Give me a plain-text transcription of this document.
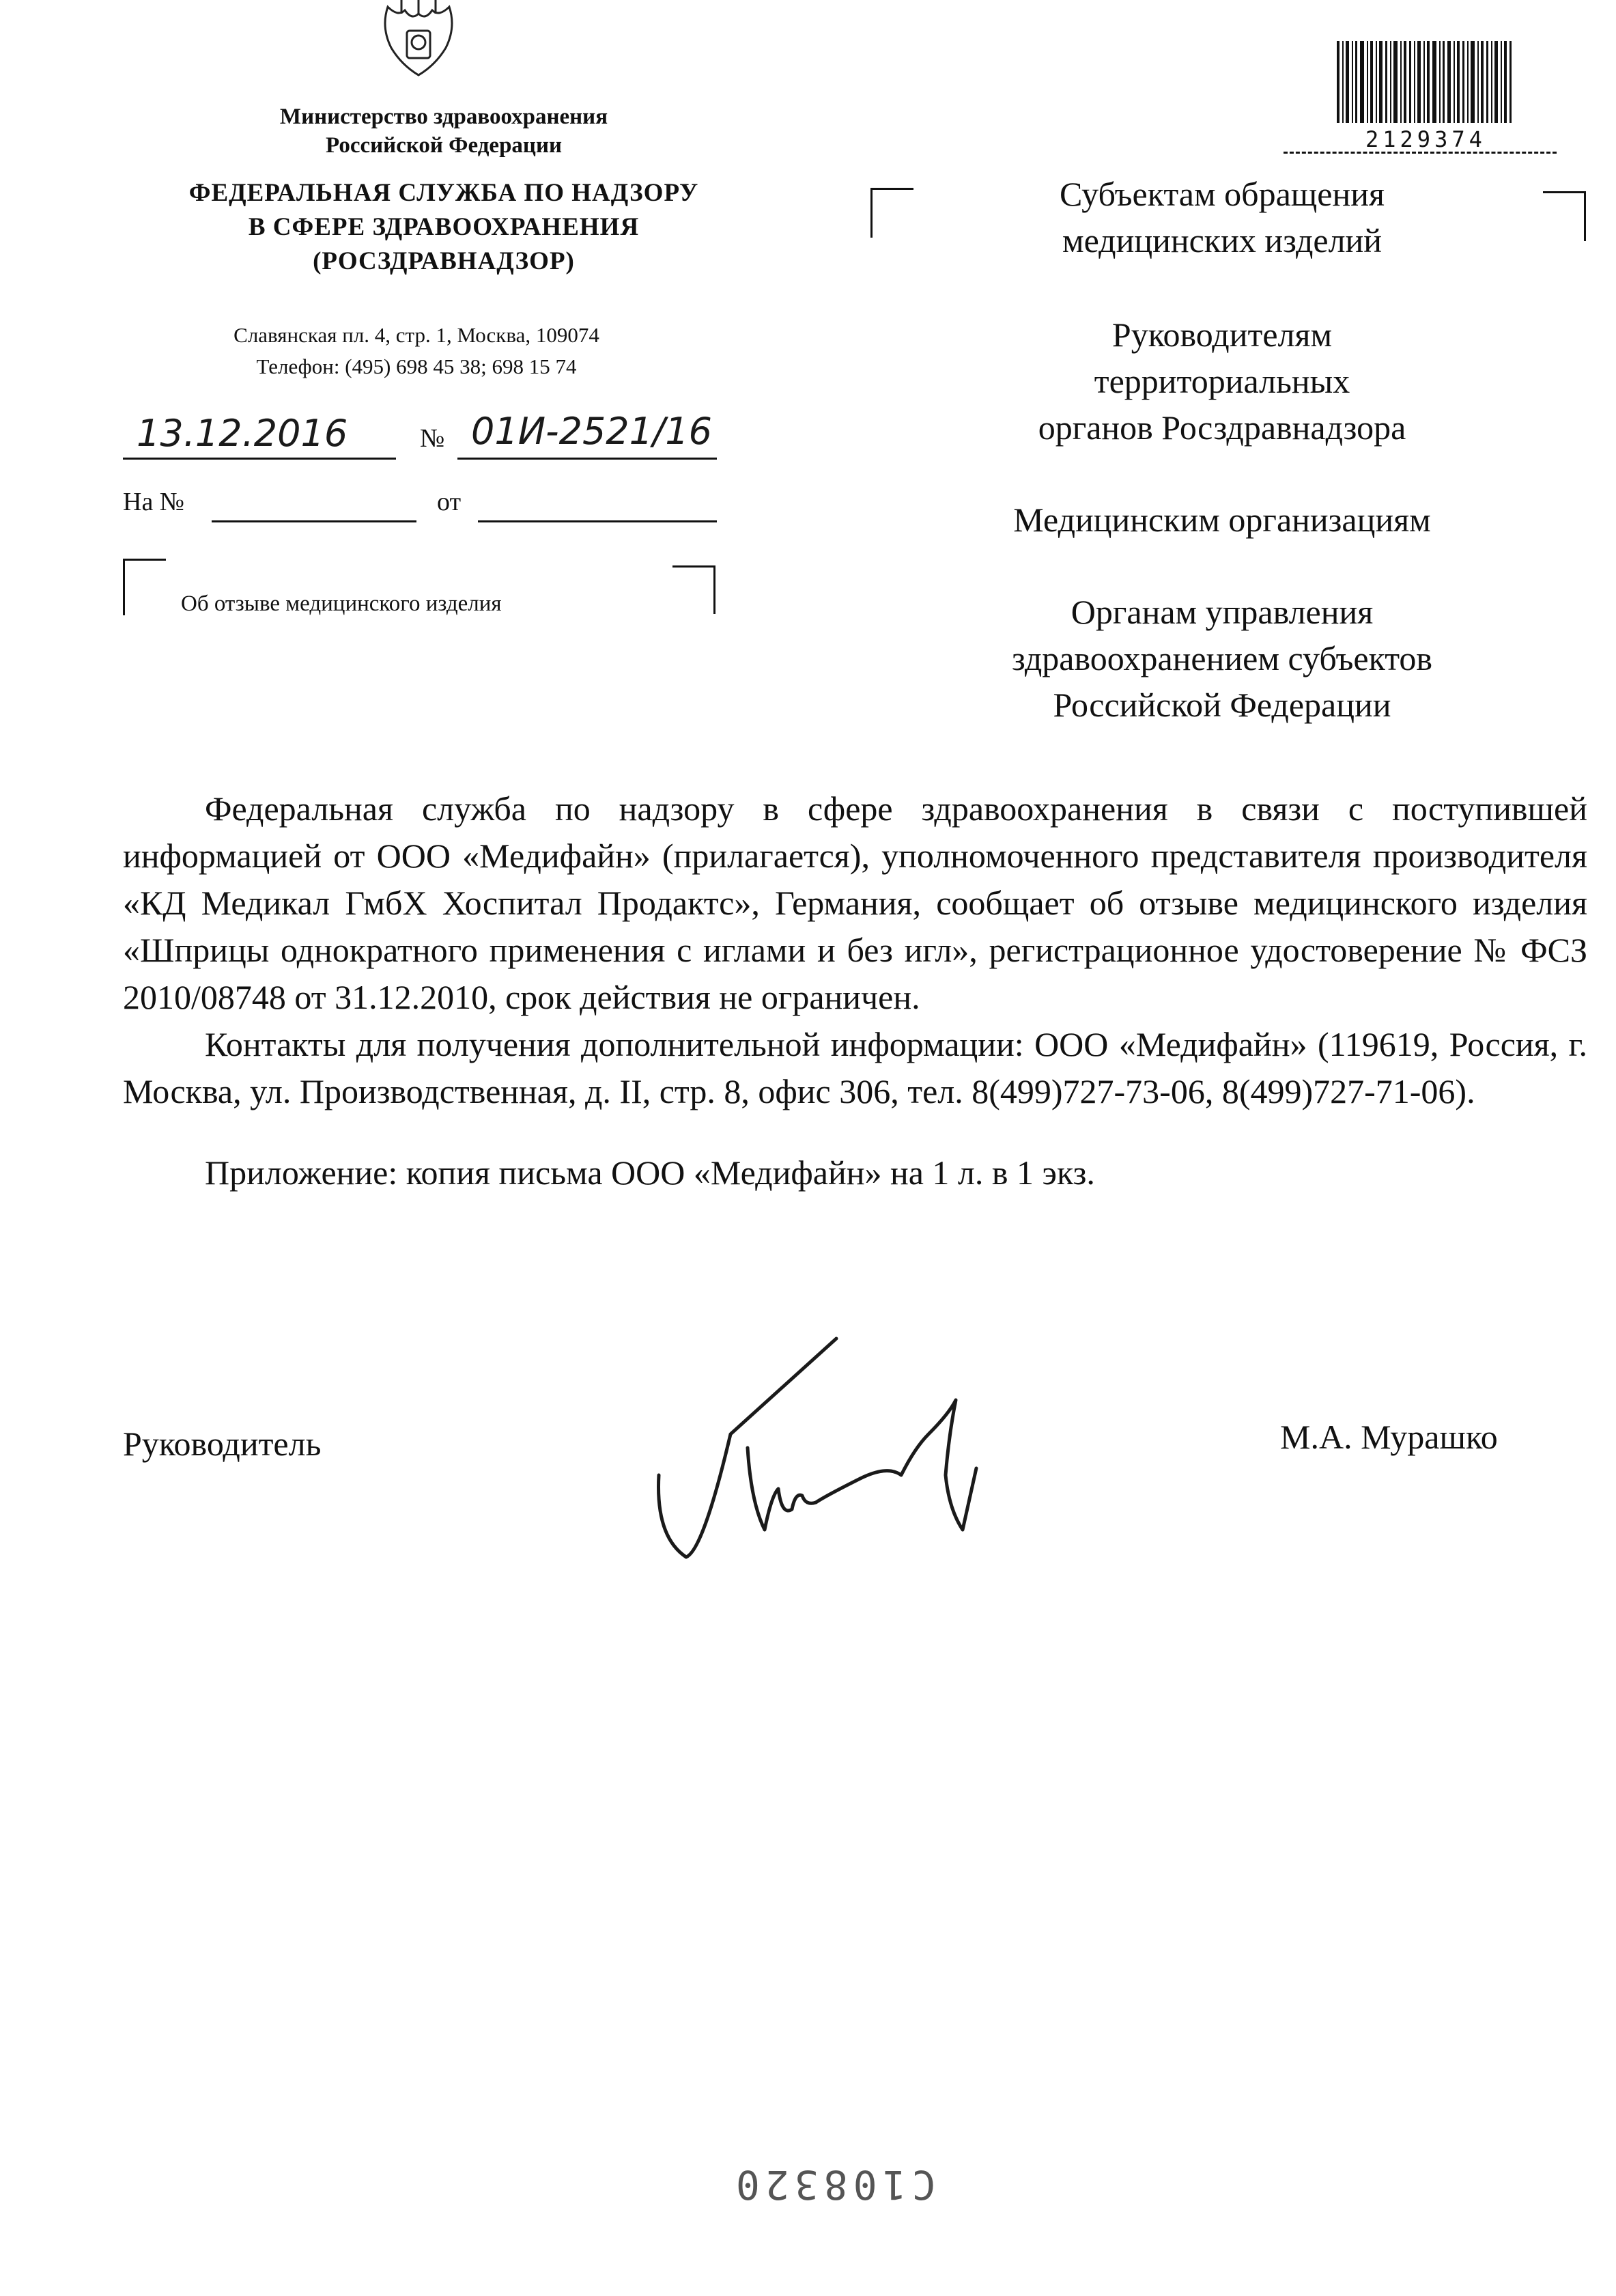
Министерство здравоохранения
Российской Федерации
ФЕДЕРАЛЬНАЯ СЛУЖБА ПО НАДЗОРУ
В СФЕРЕ ЗДРАВООХРАНЕНИЯ
(РОСЗДРАВНАДЗОР)
Славянская пл. 4, стр. 1, Москва, 109074
Телефон: (495) 698 45 38; 698 15 74
13.12.2016	№ 01И-2521/16
На №	от
Об отзыве медицинского изделия
2129374
Субъектам обращения
медицинских изделий
Руководителям
территориальных
органов Росздравнадзора
Медицинским организациям
Органам управления
здравоохранением субъектов
Российской Федерации

Федеральная служба по надзору в сфере здравоохранения в связи с поступившей информацией от ООО «Медифайн» (прилагается), уполномоченного представителя производителя «КД Медикал ГмбХ Хоспитал Продактс», Германия, сообщает об отзыве медицинского изделия «Шприцы однократного применения с иглами и без игл», регистрационное удостоверение № ФСЗ 2010/08748 от 31.12.2010, срок действия не ограничен.

Контакты для получения дополнительной информации: ООО «Медифайн» (119619, Россия, г. Москва, ул. Производственная, д. II, стр. 8, офис 306, тел. 8(499)727-73-06, 8(499)727-71-06).

Приложение: копия письма ООО «Медифайн» на 1 л. в 1 экз.

Руководитель	М.А. Мурашко
С108320
